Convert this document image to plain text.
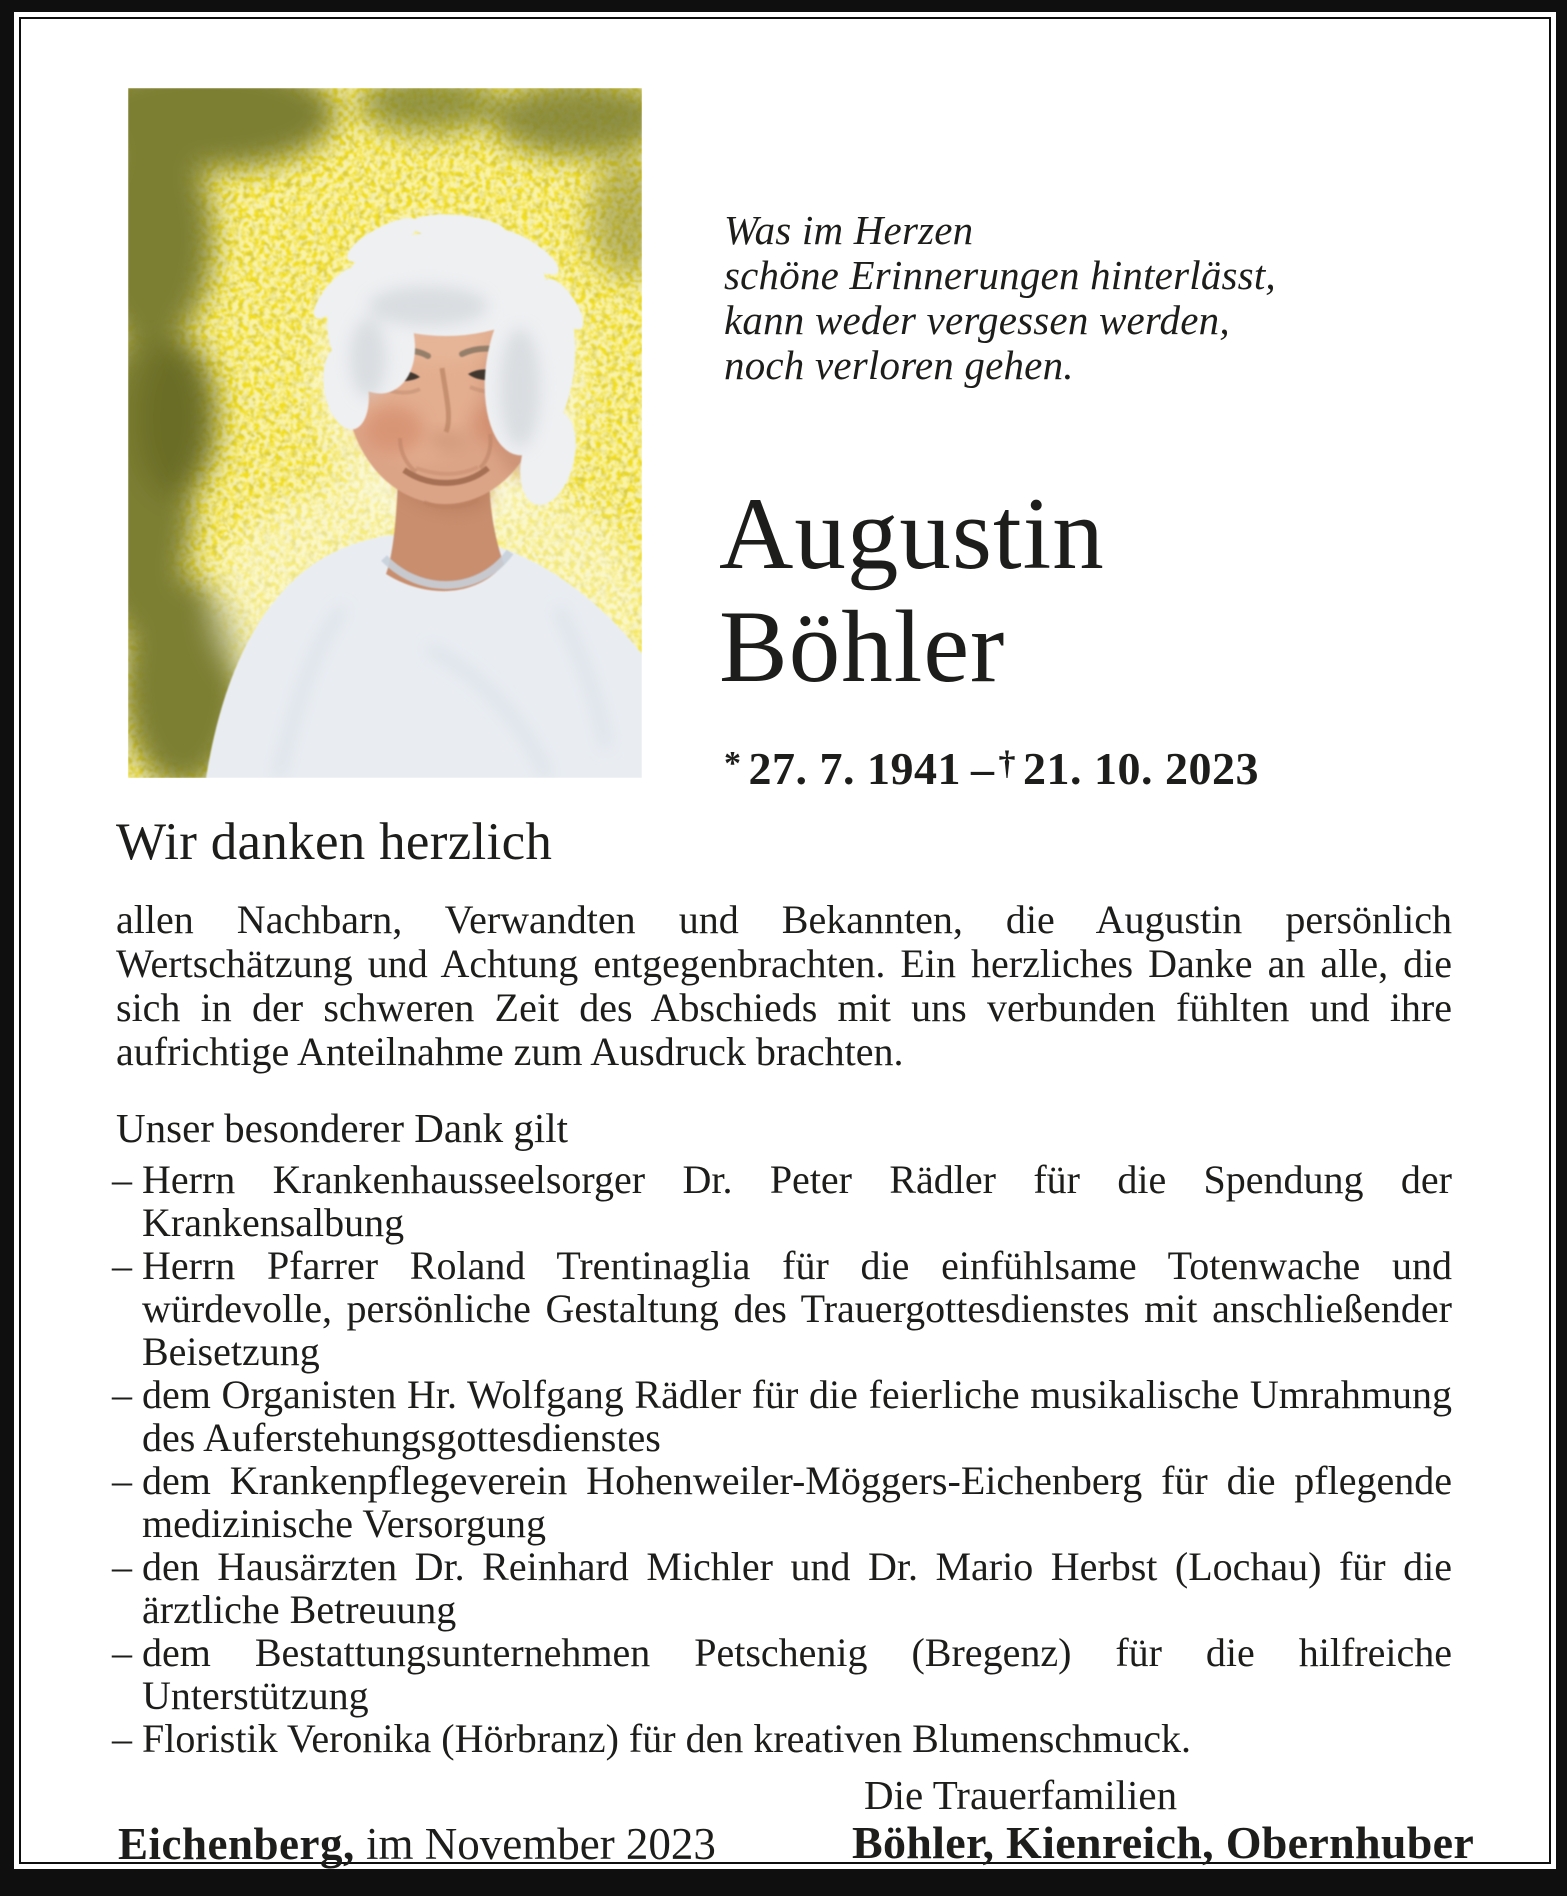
Was im Herzen
schöne Erinnerungen hinterlässt,
kann weder vergessen werden,
noch verloren gehen.
Augustin
Böhler
* 27. 7. 1941 – † 21. 10. 2023
Wir danken herzlich
allen Nachbarn, Verwandten und Bekannten, die Augustin persönlich Wertschätzung und Achtung entgegenbrachten. Ein herzliches Danke an alle, die sich in der schweren Zeit des Abschieds mit uns verbunden fühlten und ihre aufrichtige Anteilnahme zum Ausdruck brachten.
Unser besonderer Dank gilt
– Herrn Krankenhausseelsorger Dr. Peter Rädler für die Spendung der Krankensalbung
– Herrn Pfarrer Roland Trentinaglia für die einfühlsame Totenwache und würdevolle, persönliche Gestaltung des Trauergottesdienstes mit anschließender Beisetzung
– dem Organisten Hr. Wolfgang Rädler für die feierliche musikalische Umrahmung des Auferstehungsgottesdienstes
– dem Krankenpflegeverein Hohenweiler-Möggers-Eichenberg für die pflegende medizinische Versorgung
– den Hausärzten Dr. Reinhard Michler und Dr. Mario Herbst (Lochau) für die ärztliche Betreuung
– dem Bestattungsunternehmen Petschenig (Bregenz) für die hilfreiche Unterstützung
– Floristik Veronika (Hörbranz) für den kreativen Blumenschmuck.
Eichenberg, im November 2023
Die Trauerfamilien
Böhler, Kienreich, Obernhuber
